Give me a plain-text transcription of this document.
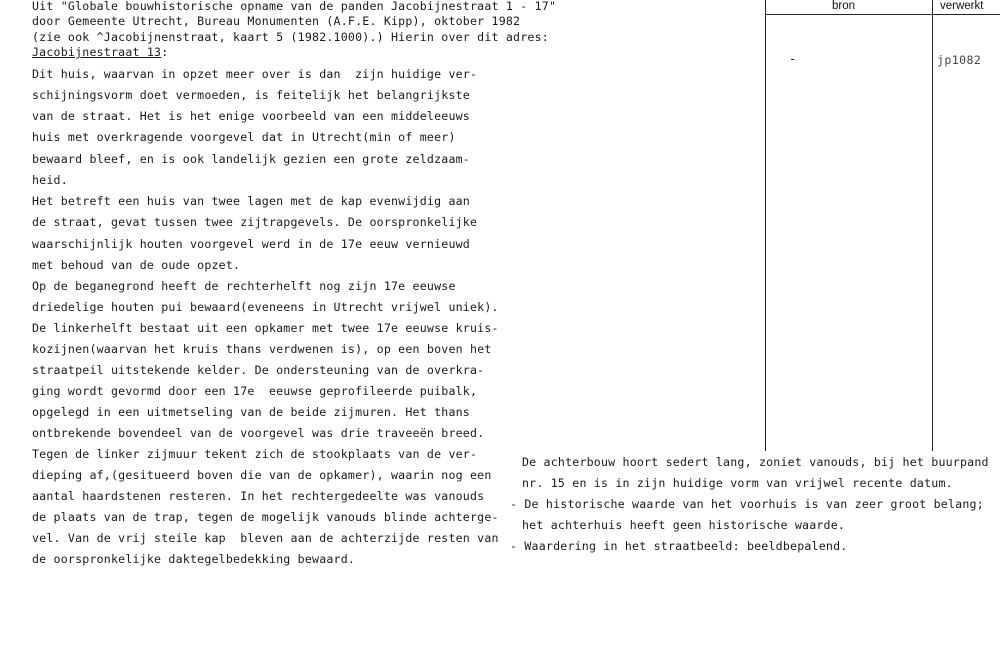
Uit "Globale bouwhistorische opname van de panden Jacobijnestraat 1 - 17"
door Gemeente Utrecht, Bureau Monumenten (A.F.E. Kipp), oktober 1982
(zie ook ^Jacobijnenstraat, kaart 5 (1982.1000).) Hierin over dit adres:
Jacobijnestraat 13:
bron	verwerkt
-	jp1082
Dit huis, waarvan in opzet meer over is dan  zijn huidige ver-
schijningsvorm doet vermoeden, is feitelijk het belangrijkste
van de straat. Het is het enige voorbeeld van een middeleeuws
huis met overkragende voorgevel dat in Utrecht(min of meer)
bewaard bleef, en is ook landelijk gezien een grote zeldzaam-
heid.
Het betreft een huis van twee lagen met de kap evenwijdig aan
de straat, gevat tussen twee zijtrapgevels. De oorspronkelijke
waarschijnlijk houten voorgevel werd in de 17e eeuw vernieuwd
met behoud van de oude opzet.
Op de beganegrond heeft de rechterhelft nog zijn 17e eeuwse
driedelige houten pui bewaard(eveneens in Utrecht vrijwel uniek).
De linkerhelft bestaat uit een opkamer met twee 17e eeuwse kruis-
kozijnen(waarvan het kruis thans verdwenen is), op een boven het
straatpeil uitstekende kelder. De ondersteuning van de overkra-
ging wordt gevormd door een 17e  eeuwse geprofileerde puibalk,
opgelegd in een uitmetseling van de beide zijmuren. Het thans
ontbrekende bovendeel van de voorgevel was drie traveeën breed.
Tegen de linker zijmuur tekent zich de stookplaats van de ver-
dieping af,(gesitueerd boven die van de opkamer), waarin nog een
aantal haardstenen resteren. In het rechtergedeelte was vanouds
de plaats van de trap, tegen de mogelijk vanouds blinde achterge-
vel. Van de vrij steile kap  bleven aan de achterzijde resten van
de oorspronkelijke daktegelbedekking bewaard.
De achterbouw hoort sedert lang, zoniet vanouds, bij het buurpand
nr. 15 en is in zijn huidige vorm van vrijwel recente datum.
- De historische waarde van het voorhuis is van zeer groot belang;
het achterhuis heeft geen historische waarde.
- Waardering in het straatbeeld: beeldbepalend.
